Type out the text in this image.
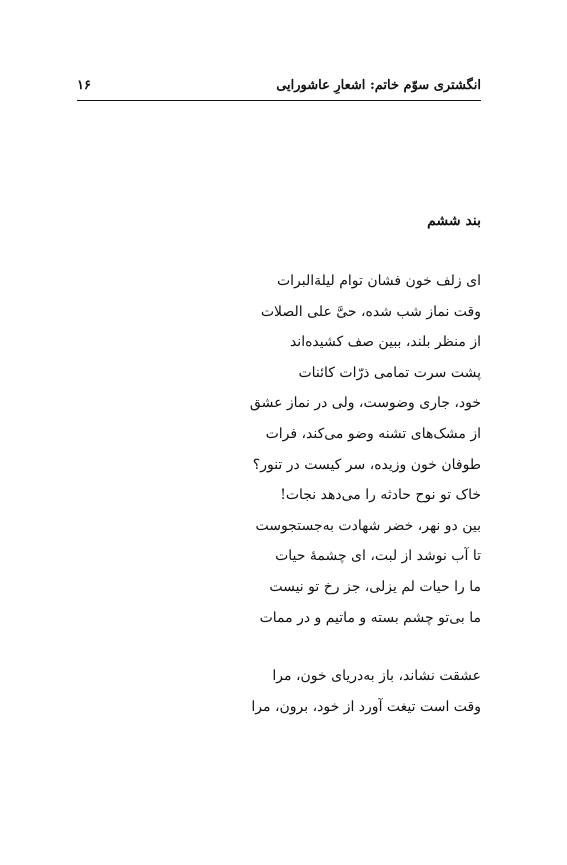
انگشتری سوّم خاتم: اشعارِ عاشورایی
۱۶
بند ششم
ای زلف خون فشان توام لیلةالبرات
وقت نماز شب شده، حیَّ علی الصلات
از منظر بلند، ببین صف کشیده‌اند
پشت سرت تمامی ذرّات کائنات
خود، جاری وضوست، ولی در نماز عشق
از مشک‌های تشنه وضو می‌کند، فرات
طوفان خون وزیده، سر کیست در تنور؟
خاک تو نوح حادثه را می‌دهد نجات!
بین دو نهر، خضر شهادت به‌جستجوست
تا آب نوشد از لبت، ای چشمهٔ حیات
ما را حیات لم یزلی، جز رخ تو نیست
ما بی‌تو چشم بسته و ماتیم و در ممات
عشقت نشاند، باز به‌دریای خون، مرا
وقت است تیغت آورد از خود، برون، مرا
